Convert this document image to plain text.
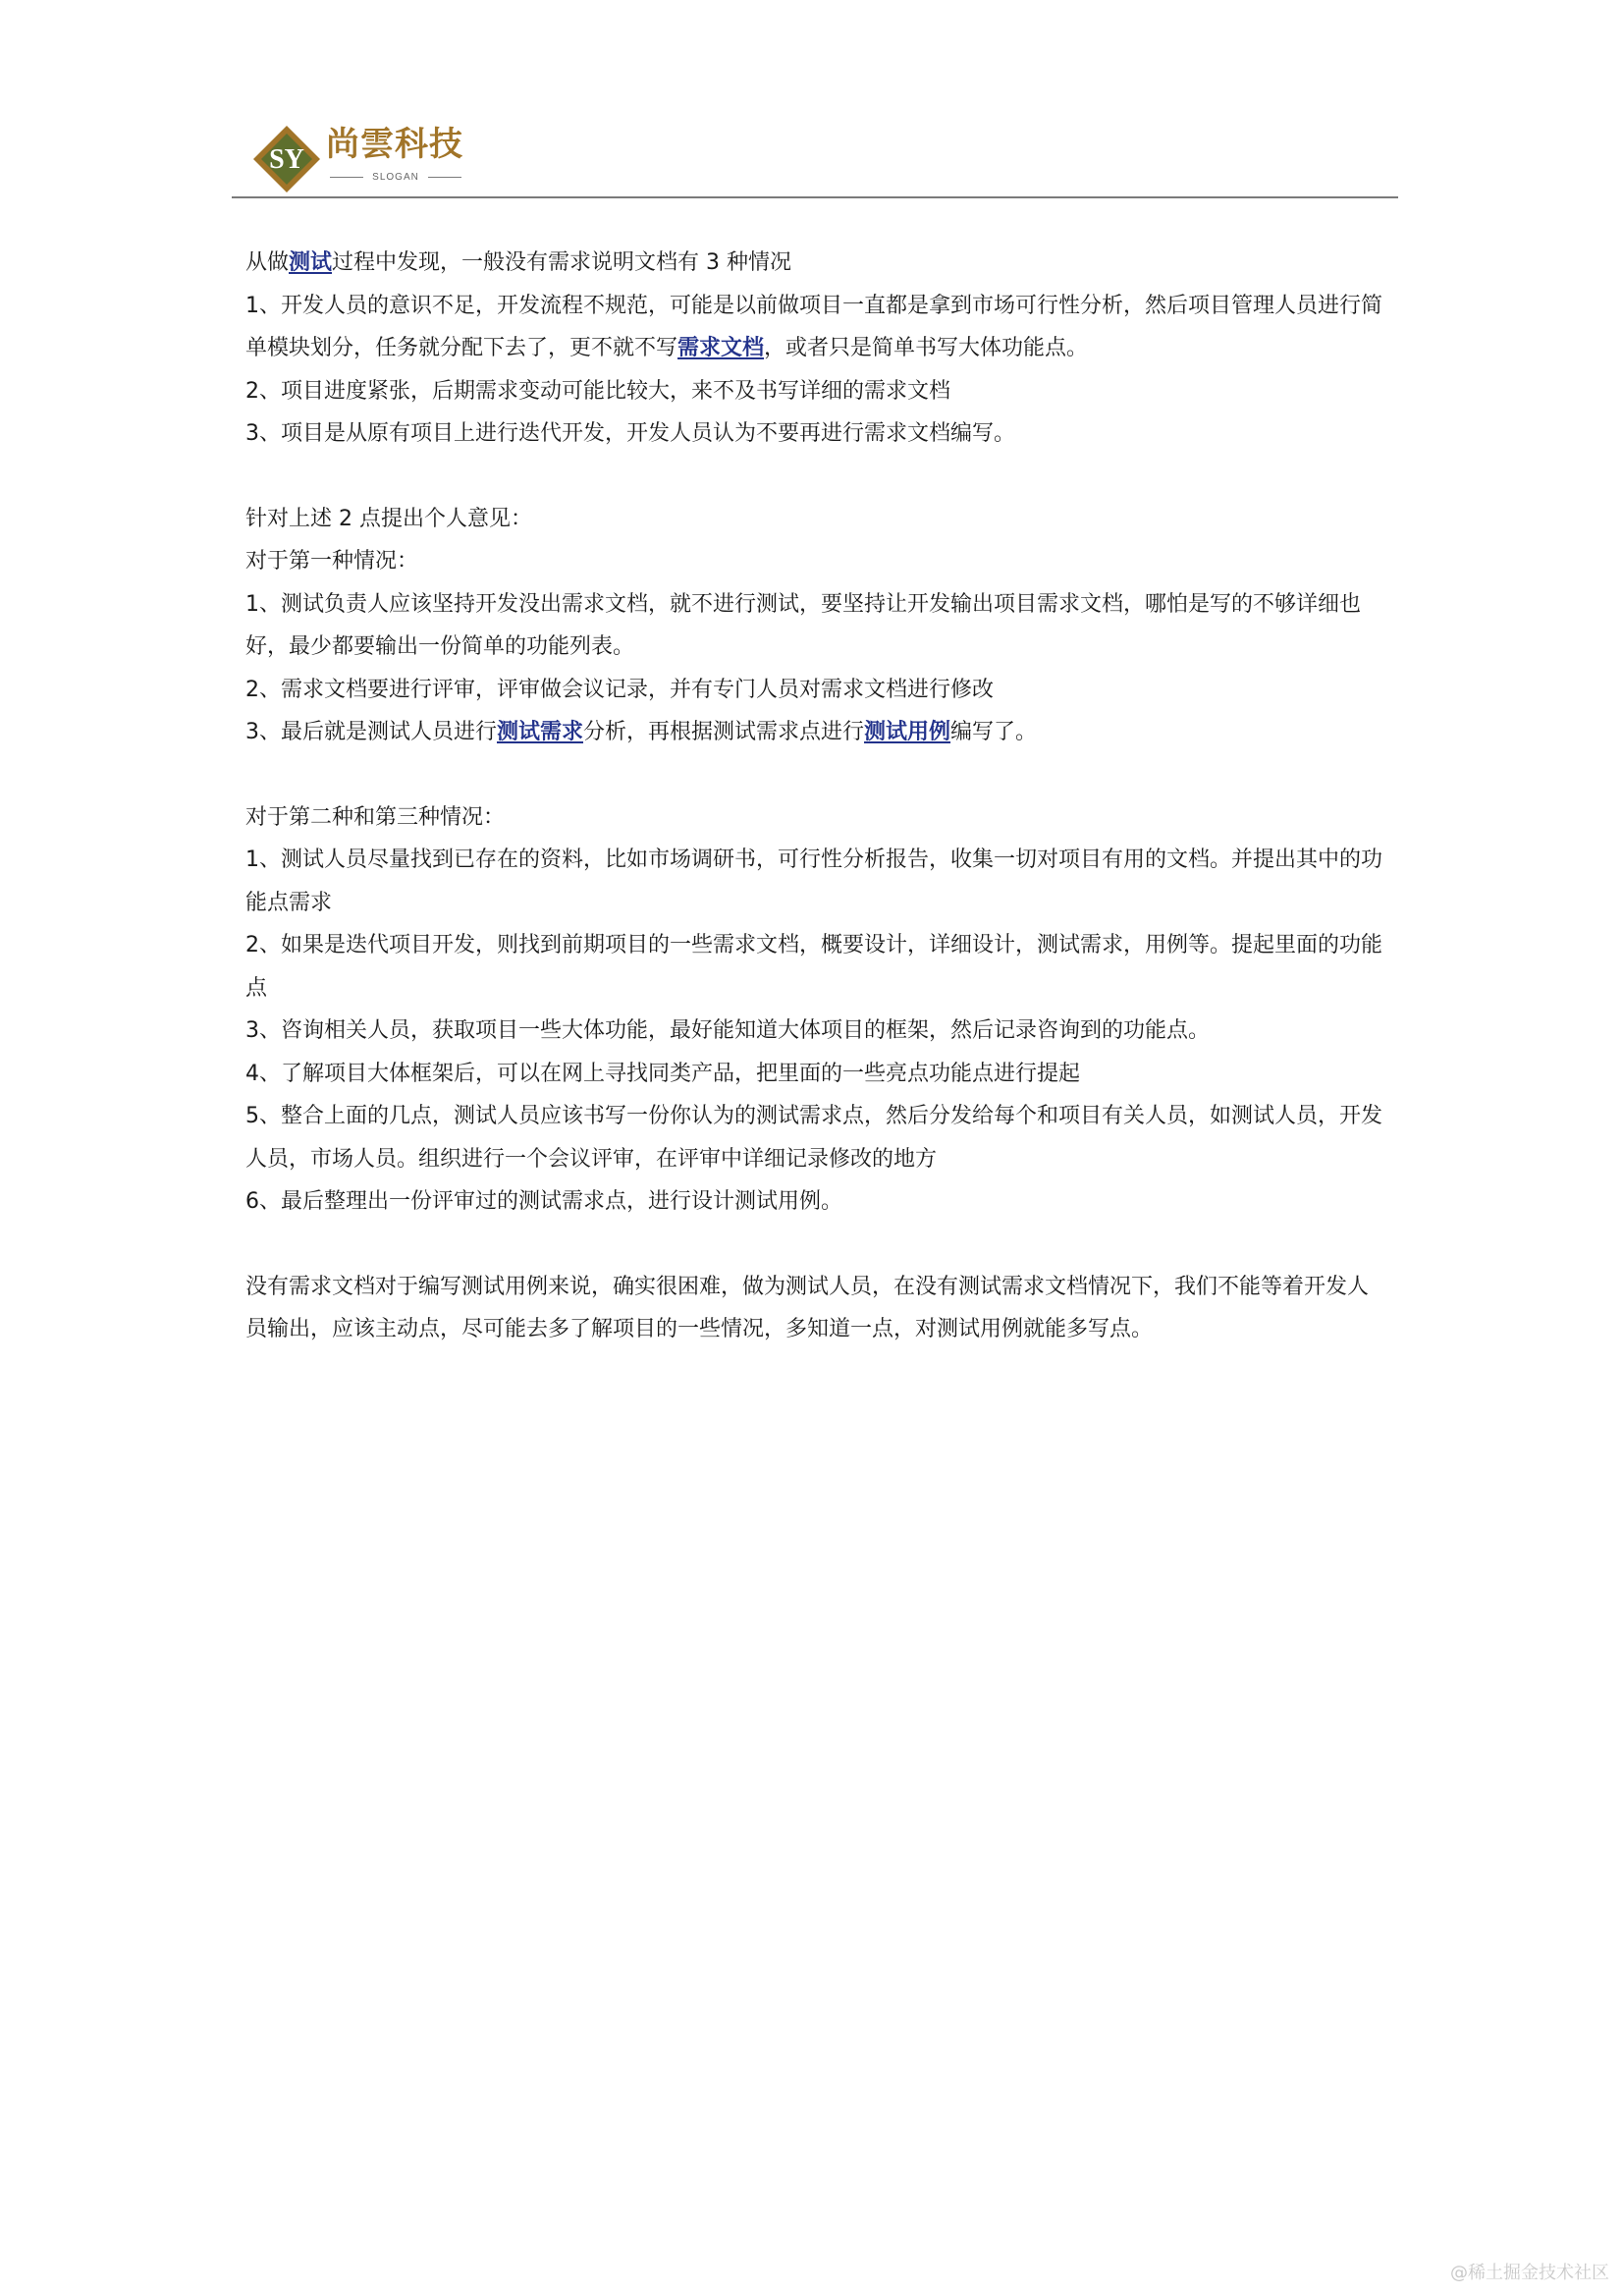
SY 尚雲科技
SLOGAN

从做测试过程中发现，一般没有需求说明文档有 3 种情况

1、开发人员的意识不足，开发流程不规范，可能是以前做项目一直都是拿到市场可行性分析，然后项目管理人员进行简单模块划分，任务就分配下去了，更不就不写需求文档，或者只是简单书写大体功能点。

2、项目进度紧张，后期需求变动可能比较大，来不及书写详细的需求文档

3、项目是从原有项目上进行迭代开发，开发人员认为不要再进行需求文档编写。

针对上述 2 点提出个人意见：

对于第一种情况：

1、测试负责人应该坚持开发没出需求文档，就不进行测试，要坚持让开发输出项目需求文档，哪怕是写的不够详细也好，最少都要输出一份简单的功能列表。

2、需求文档要进行评审，评审做会议记录，并有专门人员对需求文档进行修改

3、最后就是测试人员进行测试需求分析，再根据测试需求点进行测试用例编写了。

对于第二种和第三种情况：

1、测试人员尽量找到已存在的资料，比如市场调研书，可行性分析报告，收集一切对项目有用的文档。并提出其中的功能点需求

2、如果是迭代项目开发，则找到前期项目的一些需求文档，概要设计，详细设计，测试需求，用例等。提起里面的功能点

3、咨询相关人员，获取项目一些大体功能，最好能知道大体项目的框架，然后记录咨询到的功能点。

4、了解项目大体框架后，可以在网上寻找同类产品，把里面的一些亮点功能点进行提起

5、整合上面的几点，测试人员应该书写一份你认为的测试需求点，然后分发给每个和项目有关人员，如测试人员，开发人员，市场人员。组织进行一个会议评审，在评审中详细记录修改的地方

6、最后整理出一份评审过的测试需求点，进行设计测试用例。

没有需求文档对于编写测试用例来说，确实很困难，做为测试人员，在没有测试需求文档情况下，我们不能等着开发人员输出，应该主动点，尽可能去多了解项目的一些情况，多知道一点，对测试用例就能多写点。

@稀土掘金技术社区
